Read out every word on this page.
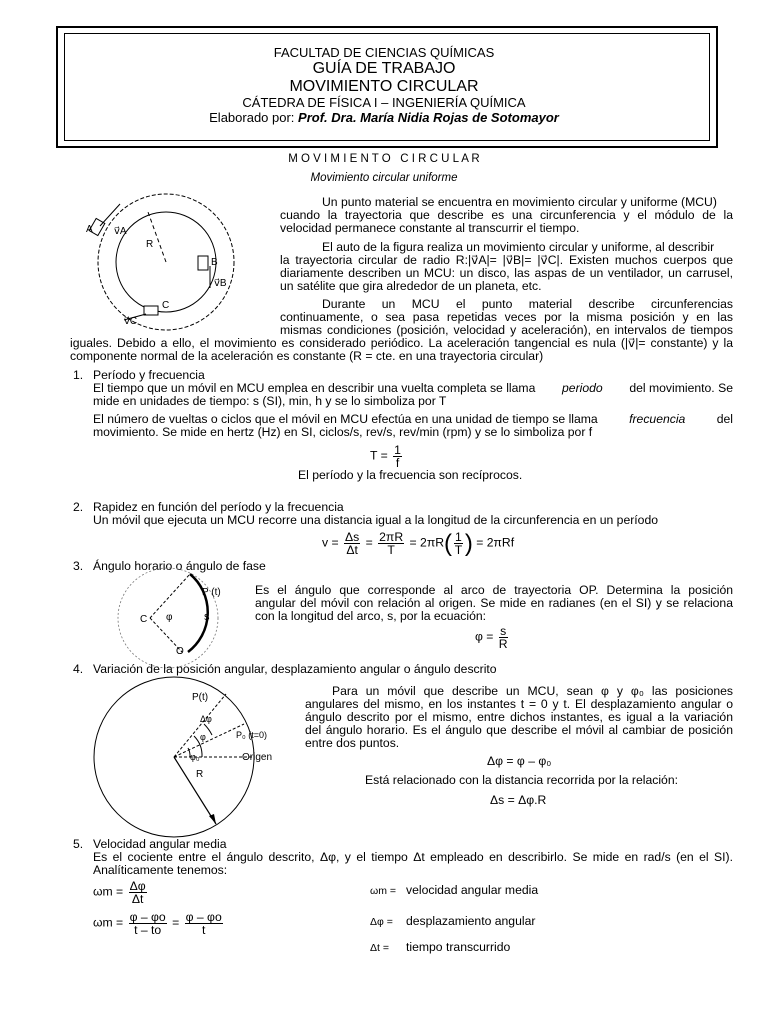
FACULTAD DE CIENCIAS QUÍMICAS
GUÍA DE TRABAJO
MOVIMIENTO CIRCULAR
CÁTEDRA DE FÍSICA I – INGENIERÍA QUÍMICA
Elaborado por: Prof. Dra. María Nidia Rojas de Sotomayor
M O V I M I E N T O   C I R C U L A R
Movimiento circular uniforme
A v⃗A
R
B
v⃗B
C
v⃗C
Un punto material se encuentra en movimiento circular y uniforme (MCU)
cuando la trayectoria que describe es una circunferencia y el módulo de la
velocidad permanece constante al transcurrir el tiempo.
El auto de la figura realiza un movimiento circular y uniforme, al describir
la trayectoria circular de radio R:|v⃗A|= |v⃗B|= |v⃗C|. Existen muchos cuerpos que
diariamente describen un MCU: un disco, las aspas de un ventilador, un carrusel,
un satélite que gira alrededor de un planeta, etc.
Durante un MCU el punto material describe circunferencias
continuamente, o sea pasa repetidas veces por la misma posición y en las
mismas condiciones (posición, velocidad y aceleración), en intervalos de tiempos
iguales. Debido a ello, el movimiento es considerado periódico. La aceleración tangencial es nula (|v⃗|= constante) y la
componente normal de la aceleración es constante (R = cte. en una trayectoria circular)
1. Período y frecuencia
El tiempo que un móvil en MCU emplea en describir una vuelta completa se llama periodo del movimiento. Se
mide en unidades de tiempo: s (SI), min, h y se lo simboliza por T
El número de vueltas o ciclos que el móvil en MCU efectúa en una unidad de tiempo se llama	frecuencia	del
movimiento. Se mide en hertz (Hz) en SI, ciclos/s, rev/s, rev/min (rpm) y se lo simboliza por f
$T = \frac{1}{f}$
El período y la frecuencia son recíprocos.
2. Rapidez en función del período y la frecuencia
Un móvil que ejecuta un MCU recorre una distancia igual a la longitud de la circunferencia en un período
$v = \frac{\Delta s}{\Delta t} = \frac{2\pi R}{T} = 2\pi R( \frac{1}{T}$ ) = 2πRf
3. Ángulo horario o ángulo de fase
P (t)
C φ	s
O
Es el ángulo que corresponde al arco de trayectoria OP. Determina la posición
angular del móvil con relación al origen. Se mide en radianes (en el SI) y se relaciona
con la longitud del arco, s, por la ecuación:
$\varphi = \frac{s}{R}$
4. Variación de la posición angular, desplazamiento angular o ángulo descrito
P(t)
Δφ
φ
φ₀
P₀ (t=0)
Origen
R
Para un móvil que describe un MCU, sean φ y φ₀ las posiciones
angulares del mismo, en los instantes t = 0 y t. El desplazamiento angular o
ángulo descrito por el mismo, entre dichos instantes, es igual a la variación
del ángulo horario. Es el ángulo que describe el móvil al cambiar de posición
entre dos puntos.
Δφ = φ – φ₀
Está relacionado con la distancia recorrida por la relación:
Δs = Δφ.R
5. Velocidad angular media
Es el cociente entre el ángulo descrito, Δφ, y el tiempo Δt empleado en describirlo. Se mide en rad/s (en el SI).
Analíticamente tenemos:
$\omega m = \frac{\Delta\varphi}{\Delta t}$
$\omega m = \frac{\varphi - \varphi o}{t - to} = \frac{\varphi - \varphi o}{t}$
ωm = velocidad angular media
Δφ = desplazamiento angular
Δt = tiempo transcurrido
